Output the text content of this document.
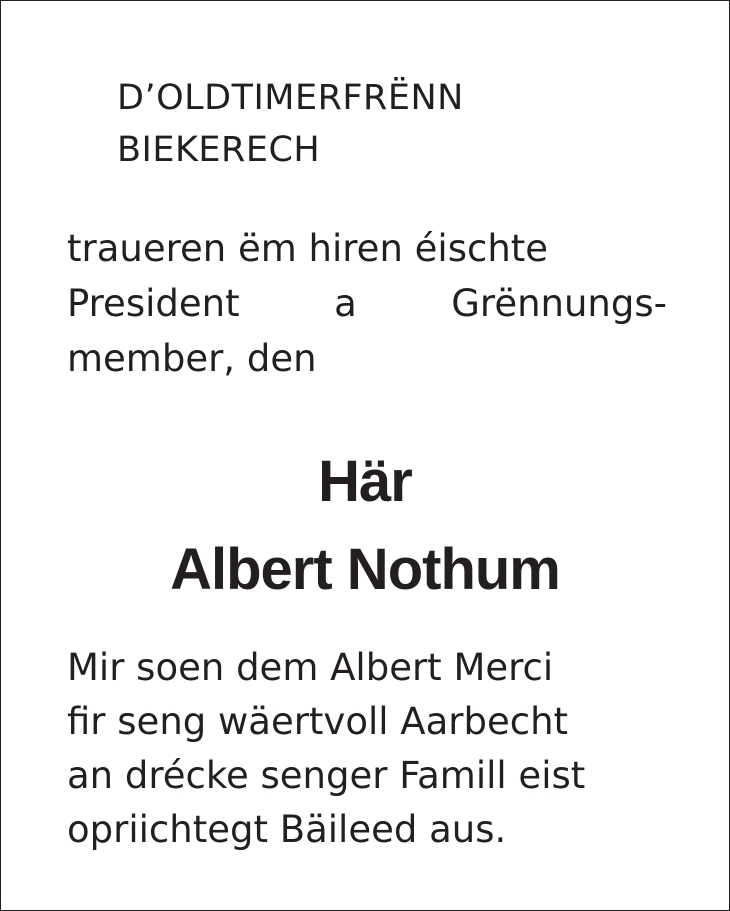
D’OLDTIMERFRËNN
BIEKERECH
traueren ëm hiren éischte
President	a	Grënnungs-
member, den
Här
Albert Nothum
Mir soen dem Albert Merci
fir seng wäertvoll Aarbecht
an drécke senger Famill eist
opriichtegt Bäileed aus.
